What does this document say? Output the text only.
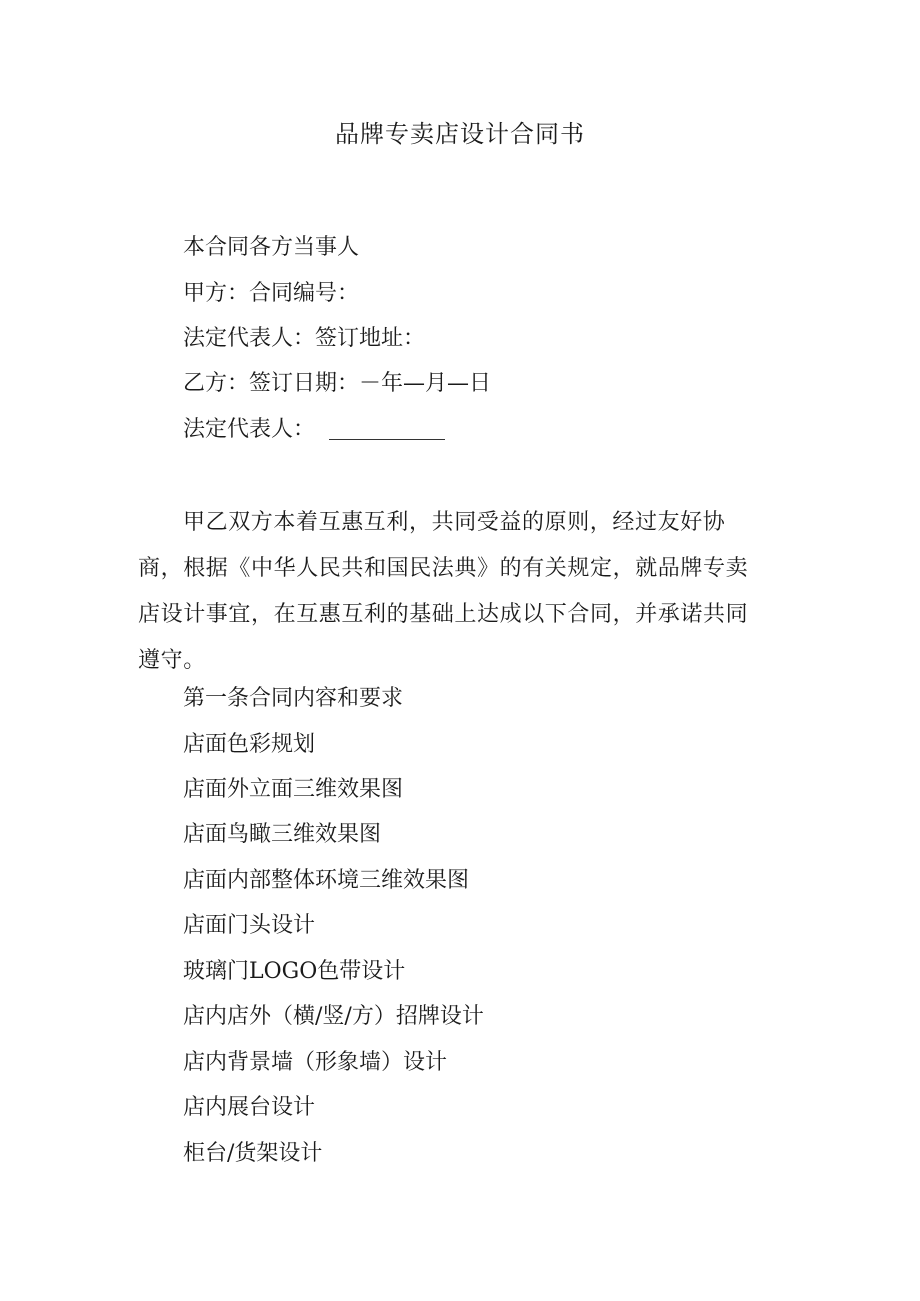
品牌专卖店设计合同书
本合同各方当事人
甲方：合同编号：
法定代表人：签订地址：
乙方：签订日期：－年—月—日
法定代表人：
甲乙双方本着互惠互利，共同受益的原则，经过友好协商，根据《中华人民共和国民法典》的有关规定，就品牌专卖店设计事宜，在互惠互利的基础上达成以下合同，并承诺共同遵守。
第一条合同内容和要求
店面色彩规划
店面外立面三维效果图
店面鸟瞰三维效果图
店面内部整体环境三维效果图
店面门头设计
玻璃门LOGO色带设计
店内店外（横/竖/方）招牌设计
店内背景墙（形象墙）设计
店内展台设计
柜台/货架设计
